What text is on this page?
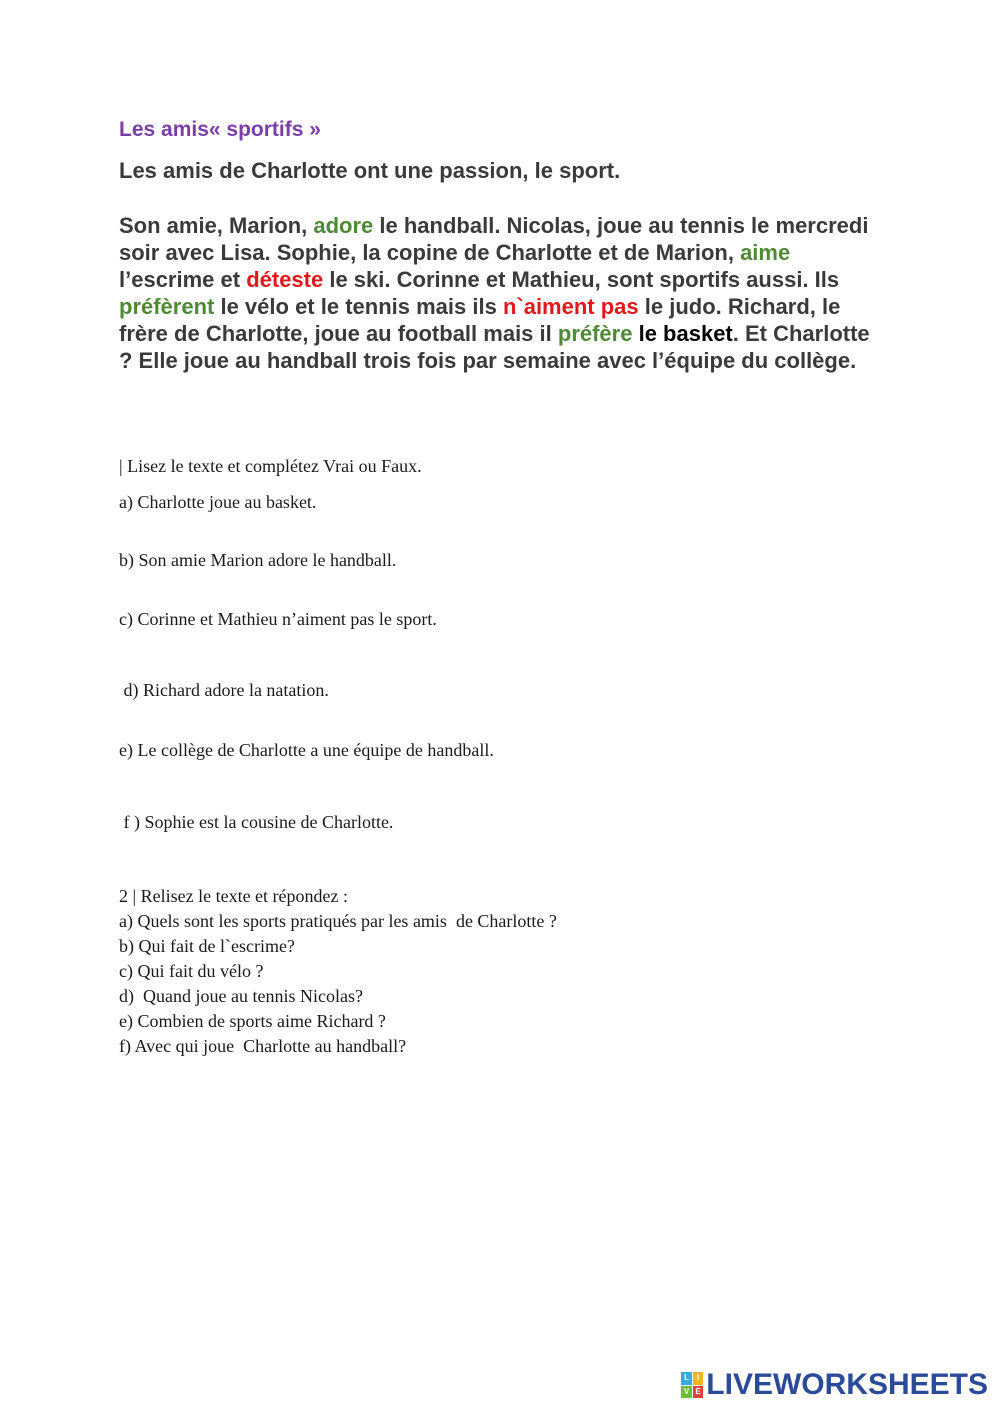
Les amis« sportifs »

Les amis de Charlotte ont une passion, le sport.

Son amie, Marion, adore le handball. Nicolas, joue au tennis le mercredi soir avec Lisa. Sophie, la copine de Charlotte et de Marion, aime l’escrime et déteste le ski. Corinne et Mathieu, sont sportifs aussi. Ils préfèrent le vélo et le tennis mais ils n`aiment pas le judo. Richard, le frère de Charlotte, joue au football mais il préfère le basket. Et Charlotte ? Elle joue au handball trois fois par semaine avec l’équipe du collège.

| Lisez le texte et complétez Vrai ou Faux.

a) Charlotte joue au basket.

b) Son amie Marion adore le handball.

c) Corinne et Mathieu n’aiment pas le sport.

d) Richard adore la natation.

e) Le collège de Charlotte a une équipe de handball.

f ) Sophie est la cousine de Charlotte.

2 | Relisez le texte et répondez :
a) Quels sont les sports pratiqués par les amis  de Charlotte ?
b) Qui fait de l`escrime?
c) Qui fait du vélo ?
d)  Quand joue au tennis Nicolas?
e) Combien de sports aime Richard ?
f) Avec qui joue  Charlotte au handball?
L I
V E LIVEWORKSHEETS
